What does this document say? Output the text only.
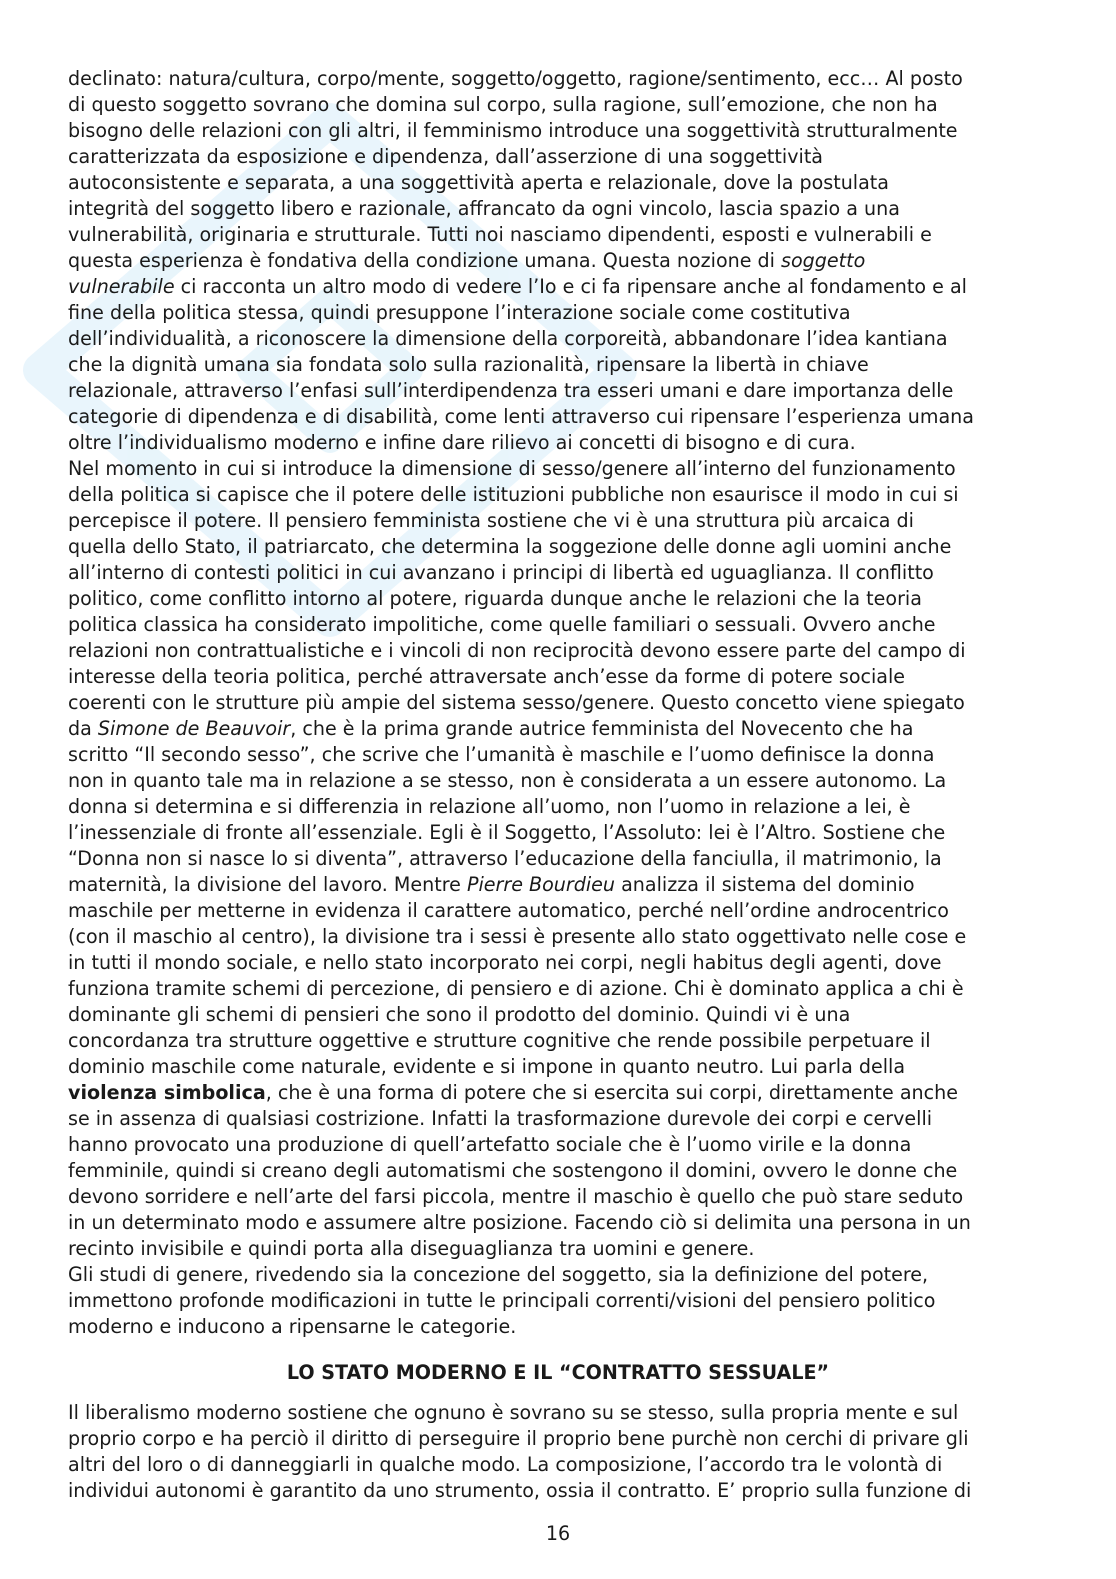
declinato: natura/cultura, corpo/mente, soggetto/oggetto, ragione/sentimento, ecc… Al posto
di questo soggetto sovrano che domina sul corpo, sulla ragione, sull’emozione, che non ha
bisogno delle relazioni con gli altri, il femminismo introduce una soggettività strutturalmente
caratterizzata da esposizione e dipendenza, dall’asserzione di una soggettività
autoconsistente e separata, a una soggettività aperta e relazionale, dove la postulata
integrità del soggetto libero e razionale, affrancato da ogni vincolo, lascia spazio a una
vulnerabilità, originaria e strutturale. Tutti noi nasciamo dipendenti, esposti e vulnerabili e
questa esperienza è fondativa della condizione umana. Questa nozione di soggetto
vulnerabile ci racconta un altro modo di vedere l’Io e ci fa ripensare anche al fondamento e al
fine della politica stessa, quindi presuppone l’interazione sociale come costitutiva
dell’individualità, a riconoscere la dimensione della corporeità, abbandonare l’idea kantiana
che la dignità umana sia fondata solo sulla razionalità, ripensare la libertà in chiave
relazionale, attraverso l’enfasi sull’interdipendenza tra esseri umani e dare importanza delle
categorie di dipendenza e di disabilità, come lenti attraverso cui ripensare l’esperienza umana
oltre l’individualismo moderno e infine dare rilievo ai concetti di bisogno e di cura.

Nel momento in cui si introduce la dimensione di sesso/genere all’interno del funzionamento
della politica si capisce che il potere delle istituzioni pubbliche non esaurisce il modo in cui si
percepisce il potere. Il pensiero femminista sostiene che vi è una struttura più arcaica di
quella dello Stato, il patriarcato, che determina la soggezione delle donne agli uomini anche
all’interno di contesti politici in cui avanzano i principi di libertà ed uguaglianza. Il conflitto
politico, come conflitto intorno al potere, riguarda dunque anche le relazioni che la teoria
politica classica ha considerato impolitiche, come quelle familiari o sessuali. Ovvero anche
relazioni non contrattualistiche e i vincoli di non reciprocità devono essere parte del campo di
interesse della teoria politica, perché attraversate anch’esse da forme di potere sociale
coerenti con le strutture più ampie del sistema sesso/genere. Questo concetto viene spiegato
da Simone de Beauvoir, che è la prima grande autrice femminista del Novecento che ha
scritto “Il secondo sesso”, che scrive che l’umanità è maschile e l’uomo definisce la donna
non in quanto tale ma in relazione a se stesso, non è considerata a un essere autonomo. La
donna si determina e si differenzia in relazione all’uomo, non l’uomo in relazione a lei, è
l’inessenziale di fronte all’essenziale. Egli è il Soggetto, l’Assoluto: lei è l’Altro. Sostiene che
“Donna non si nasce lo si diventa”, attraverso l’educazione della fanciulla, il matrimonio, la
maternità, la divisione del lavoro. Mentre Pierre Bourdieu analizza il sistema del dominio
maschile per metterne in evidenza il carattere automatico, perché nell’ordine androcentrico
(con il maschio al centro), la divisione tra i sessi è presente allo stato oggettivato nelle cose e
in tutti il mondo sociale, e nello stato incorporato nei corpi, negli habitus degli agenti, dove
funziona tramite schemi di percezione, di pensiero e di azione. Chi è dominato applica a chi è
dominante gli schemi di pensieri che sono il prodotto del dominio. Quindi vi è una
concordanza tra strutture oggettive e strutture cognitive che rende possibile perpetuare il
dominio maschile come naturale, evidente e si impone in quanto neutro. Lui parla della
violenza simbolica, che è una forma di potere che si esercita sui corpi, direttamente anche
se in assenza di qualsiasi costrizione. Infatti la trasformazione durevole dei corpi e cervelli
hanno provocato una produzione di quell’artefatto sociale che è l’uomo virile e la donna
femminile, quindi si creano degli automatismi che sostengono il domini, ovvero le donne che
devono sorridere e nell’arte del farsi piccola, mentre il maschio è quello che può stare seduto
in un determinato modo e assumere altre posizione. Facendo ciò si delimita una persona in un
recinto invisibile e quindi porta alla diseguaglianza tra uomini e genere.

Gli studi di genere, rivedendo sia la concezione del soggetto, sia la definizione del potere,
immettono profonde modificazioni in tutte le principali correnti/visioni del pensiero politico
moderno e inducono a ripensarne le categorie.

LO STATO MODERNO E IL “CONTRATTO SESSUALE”

Il liberalismo moderno sostiene che ognuno è sovrano su se stesso, sulla propria mente e sul
proprio corpo e ha perciò il diritto di perseguire il proprio bene purchè non cerchi di privare gli
altri del loro o di danneggiarli in qualche modo. La composizione, l’accordo tra le volontà di
individui autonomi è garantito da uno strumento, ossia il contratto. E’ proprio sulla funzione di

16
